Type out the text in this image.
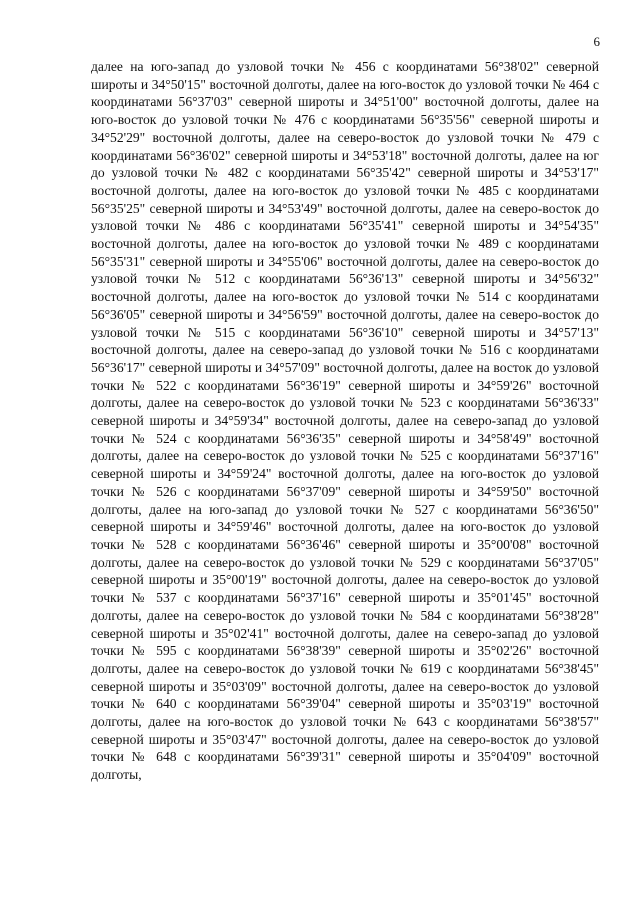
6

далее на юго-запад до узловой точки № 456 с координатами 56°38'02" северной широты и 34°50'15" восточной долготы, далее на юго-восток до узловой точки № 464 с координатами 56°37'03" северной широты и 34°51'00" восточной долготы, далее на юго-восток до узловой точки № 476 с координатами 56°35'56" северной широты и 34°52'29" восточной долготы, далее на северо-восток до узловой точки № 479 с координатами 56°36'02" северной широты и 34°53'18" восточной долготы, далее на юг до узловой точки № 482 с координатами 56°35'42" северной широты и 34°53'17" восточной долготы, далее на юго-восток до узловой точки № 485 с координатами 56°35'25" северной широты и 34°53'49" восточной долготы, далее на северо-восток до узловой точки № 486 с координатами 56°35'41" северной широты и 34°54'35" восточной долготы, далее на юго-восток до узловой точки № 489 с координатами 56°35'31" северной широты и 34°55'06" восточной долготы, далее на северо-восток до узловой точки № 512 с координатами 56°36'13" северной широты и 34°56'32" восточной долготы, далее на юго-восток до узловой точки № 514 с координатами 56°36'05" северной широты и 34°56'59" восточной долготы, далее на северо-восток до узловой точки № 515 с координатами 56°36'10" северной широты и 34°57'13" восточной долготы, далее на северо-запад до узловой точки № 516 с координатами 56°36'17" северной широты и 34°57'09" восточной долготы, далее на восток до узловой точки № 522 с координатами 56°36'19" северной широты и 34°59'26" восточной долготы, далее на северо-восток до узловой точки № 523 с координатами 56°36'33" северной широты и 34°59'34" восточной долготы, далее на северо-запад до узловой точки № 524 с координатами 56°36'35" северной широты и 34°58'49" восточной долготы, далее на северо-восток до узловой точки № 525 с координатами 56°37'16" северной широты и 34°59'24" восточной долготы, далее на юго-восток до узловой точки № 526 с координатами 56°37'09" северной широты и 34°59'50" восточной долготы, далее на юго-запад до узловой точки № 527 с координатами 56°36'50" северной широты и 34°59'46" восточной долготы, далее на юго-восток до узловой точки № 528 с координатами 56°36'46" северной широты и 35°00'08" восточной долготы, далее на северо-восток до узловой точки № 529 с координатами 56°37'05" северной широты и 35°00'19" восточной долготы, далее на северо-восток до узловой точки № 537 с координатами 56°37'16" северной широты и 35°01'45" восточной долготы, далее на северо-восток до узловой точки № 584 с координатами 56°38'28" северной широты и 35°02'41" восточной долготы, далее на северо-запад до узловой точки № 595 с координатами 56°38'39" северной широты и 35°02'26" восточной долготы, далее на северо-восток до узловой точки № 619 с координатами 56°38'45" северной широты и 35°03'09" восточной долготы, далее на северо-восток до узловой точки № 640 с координатами 56°39'04" северной широты и 35°03'19" восточной долготы, далее на юго-восток до узловой точки № 643 с координатами 56°38'57" северной широты и 35°03'47" восточной долготы, далее на северо-восток до узловой точки № 648 с координатами 56°39'31" северной широты и 35°04'09" восточной долготы,
